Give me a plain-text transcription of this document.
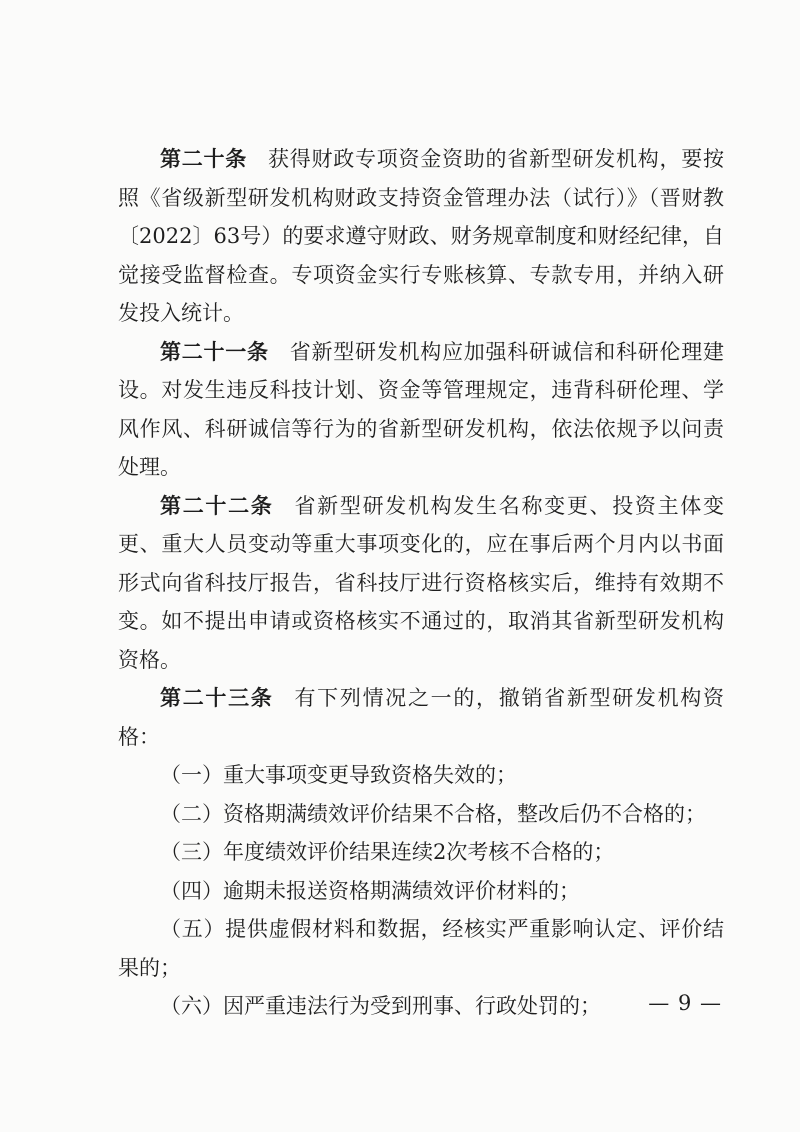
第二十条 获得财政专项资金资助的省新型研发机构，要按照《省级新型研发机构财政支持资金管理办法（试行）》（晋财教〔2022〕63号）的要求遵守财政、财务规章制度和财经纪律，自觉接受监督检查。专项资金实行专账核算、专款专用，并纳入研发投入统计。

第二十一条 省新型研发机构应加强科研诚信和科研伦理建设。对发生违反科技计划、资金等管理规定，违背科研伦理、学风作风、科研诚信等行为的省新型研发机构，依法依规予以问责处理。

第二十二条 省新型研发机构发生名称变更、投资主体变更、重大人员变动等重大事项变化的，应在事后两个月内以书面形式向省科技厅报告，省科技厅进行资格核实后，维持有效期不变。如不提出申请或资格核实不通过的，取消其省新型研发机构资格。

第二十三条 有下列情况之一的，撤销省新型研发机构资格：

（一）重大事项变更导致资格失效的；

（二）资格期满绩效评价结果不合格，整改后仍不合格的；

（三）年度绩效评价结果连续2次考核不合格的；

（四）逾期未报送资格期满绩效评价材料的；

（五）提供虚假材料和数据，经核实严重影响认定、评价结果的；

（六）因严重违法行为受到刑事、行政处罚的；	— 9 —
